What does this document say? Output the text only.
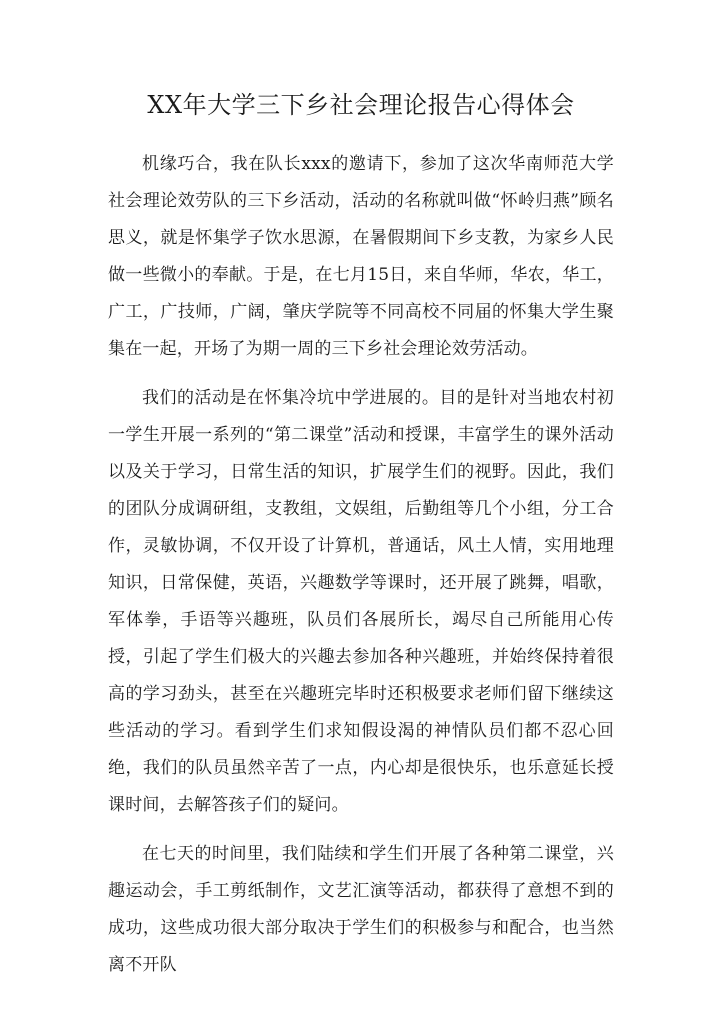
XX年大学三下乡社会理论报告心得体会

机缘巧合，我在队长xxx的邀请下，参加了这次华南师范大学社会理论效劳队的三下乡活动，活动的名称就叫做“怀岭归燕”顾名思义，就是怀集学子饮水思源，在暑假期间下乡支教，为家乡人民做一些微小的奉献。于是，在七月15日，来自华师，华农，华工，广工，广技师，广阔，肇庆学院等不同高校不同届的怀集大学生聚集在一起，开场了为期一周的三下乡社会理论效劳活动。

我们的活动是在怀集冷坑中学进展的。目的是针对当地农村初一学生开展一系列的“第二课堂”活动和授课，丰富学生的课外活动以及关于学习，日常生活的知识，扩展学生们的视野。因此，我们的团队分成调研组，支教组，文娱组，后勤组等几个小组，分工合作，灵敏协调，不仅开设了计算机，普通话，风土人情，实用地理知识，日常保健，英语，兴趣数学等课时，还开展了跳舞，唱歌，军体拳，手语等兴趣班，队员们各展所长，竭尽自己所能用心传授，引起了学生们极大的兴趣去参加各种兴趣班，并始终保持着很高的学习劲头，甚至在兴趣班完毕时还积极要求老师们留下继续这些活动的学习。看到学生们求知假设渴的神情队员们都不忍心回绝，我们的队员虽然辛苦了一点，内心却是很快乐，也乐意延长授课时间，去解答孩子们的疑问。

在七天的时间里，我们陆续和学生们开展了各种第二课堂，兴趣运动会，手工剪纸制作，文艺汇演等活动，都获得了意想不到的成功，这些成功很大部分取决于学生们的积极参与和配合，也当然离不开队
